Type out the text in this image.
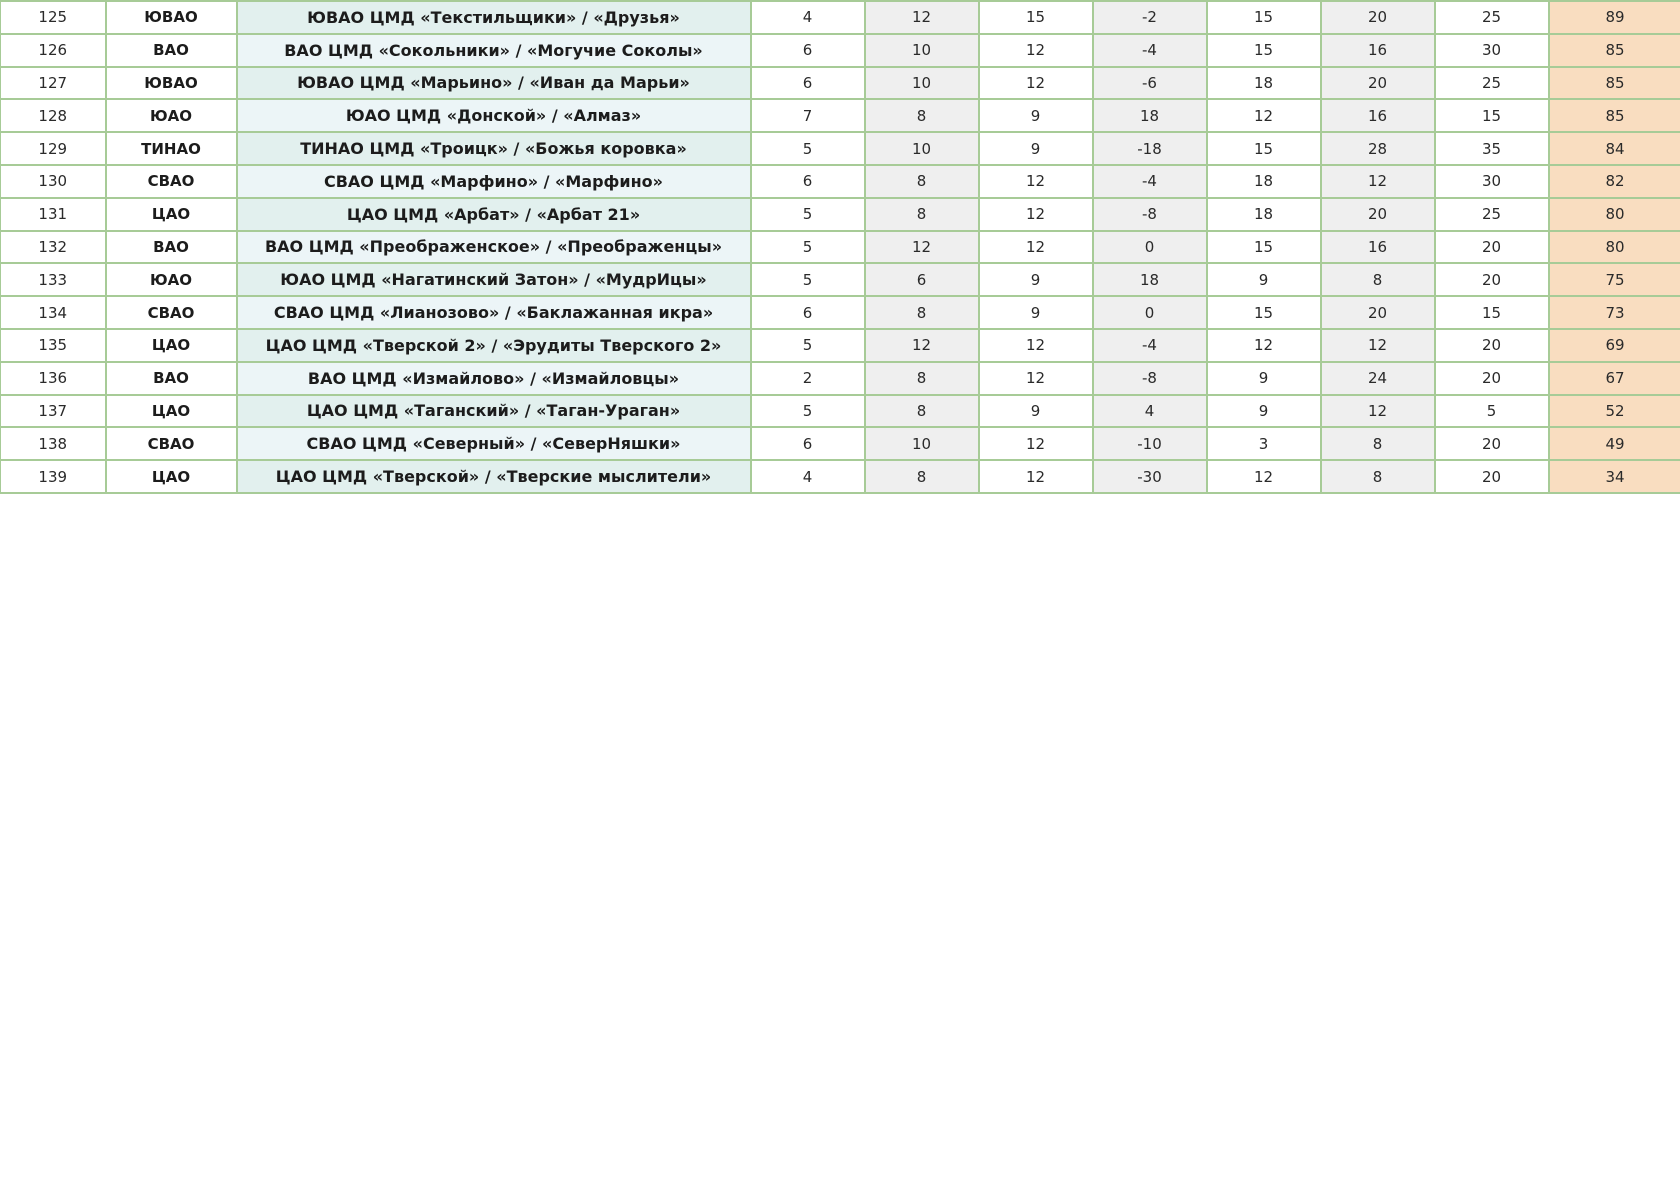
125	ЮВАО	ЮВАО ЦМД «Текстильщики» / «Друзья»	4	12	15	-2	15	20	25	89
126	ВАО	ВАО ЦМД «Сокольники» / «Могучие Соколы»	6	10	12	-4	15	16	30	85
127	ЮВАО	ЮВАО ЦМД «Марьино» / «Иван да Марьи»	6	10	12	-6	18	20	25	85
128	ЮАО	ЮАО ЦМД «Донской» / «Алмаз»	7	8	9	18	12	16	15	85
129	ТИНАО	ТИНАО ЦМД «Троицк» / «Божья коровка»	5	10	9	-18	15	28	35	84
130	СВАО	СВАО ЦМД «Марфино» / «Марфино»	6	8	12	-4	18	12	30	82
131	ЦАО	ЦАО ЦМД «Арбат» / «Арбат 21»	5	8	12	-8	18	20	25	80
132	ВАО	ВАО ЦМД «Преображенское» / «Преображенцы»	5	12	12	0	15	16	20	80
133	ЮАО	ЮАО ЦМД «Нагатинский Затон» / «МудрИцы»	5	6	9	18	9	8	20	75
134	СВАО	СВАО ЦМД «Лианозово» / «Баклажанная икра»	6	8	9	0	15	20	15	73
135	ЦАО	ЦАО ЦМД «Тверской 2» / «Эрудиты Тверского 2»	5	12	12	-4	12	12	20	69
136	ВАО	ВАО ЦМД «Измайлово» / «Измайловцы»	2	8	12	-8	9	24	20	67
137	ЦАО	ЦАО ЦМД «Таганский» / «Таган-Ураган»	5	8	9	4	9	12	5	52
138	СВАО	СВАО ЦМД «Северный» / «СеверНяшки»	6	10	12	-10	3	8	20	49
139	ЦАО	ЦАО ЦМД «Тверской» / «Тверские мыслители»	4	8	12	-30	12	8	20	34
